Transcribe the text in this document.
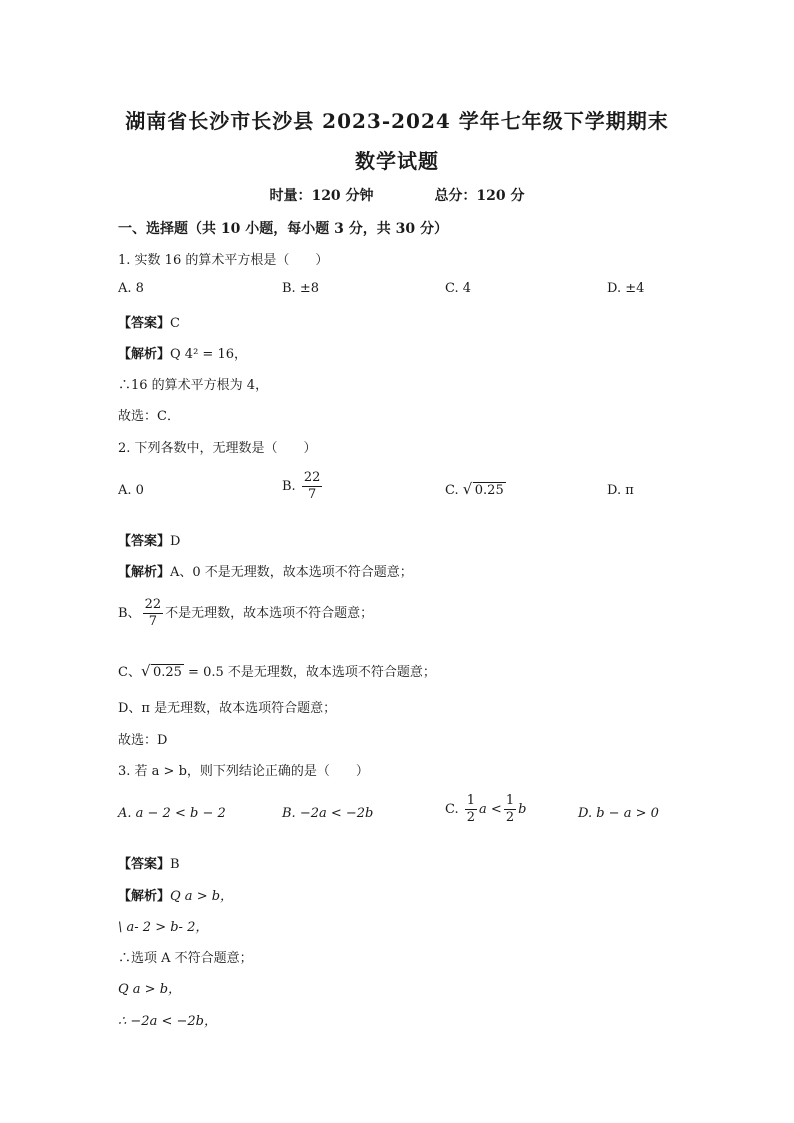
湖南省长沙市长沙县 2023-2024 学年七年级下学期期末
数学试题
时量：120 分钟	总分：120 分
一、选择题（共 10 小题，每小题 3 分，共 30 分）
1. 实数 16 的算术平方根是（　　）
A. 8	B. ±8	C. 4	D. ±4
【答案】C
【解析】Q 4² = 16，
∴16 的算术平方根为 4，
故选：C．
2. 下列各数中，无理数是（　　）
A. 0	B. $\frac{22}{7}$	C. √ 0.25	D. π
【答案】D
【解析】A、0 不是无理数，故本选项不符合题意；
B、 $\frac{22}{7}$ 不是无理数，故本选项不符合题意；
C、 √ 0.25 = 0.5 不是无理数，故本选项不符合题意；
D、π 是无理数，故本选项符合题意；
故选：D
3. 若 a > b，则下列结论正确的是（　　）
A. a − 2 < b − 2	B. −2a < −2b	C. $\frac{1}{2}$ $a < \frac{1}{2}$ b	D. b − a > 0
【答案】B
【解析】Q a > b，
\ a- 2 > b- 2，
∴选项 A 不符合题意；
Q a > b，
∴ −2a < −2b，
